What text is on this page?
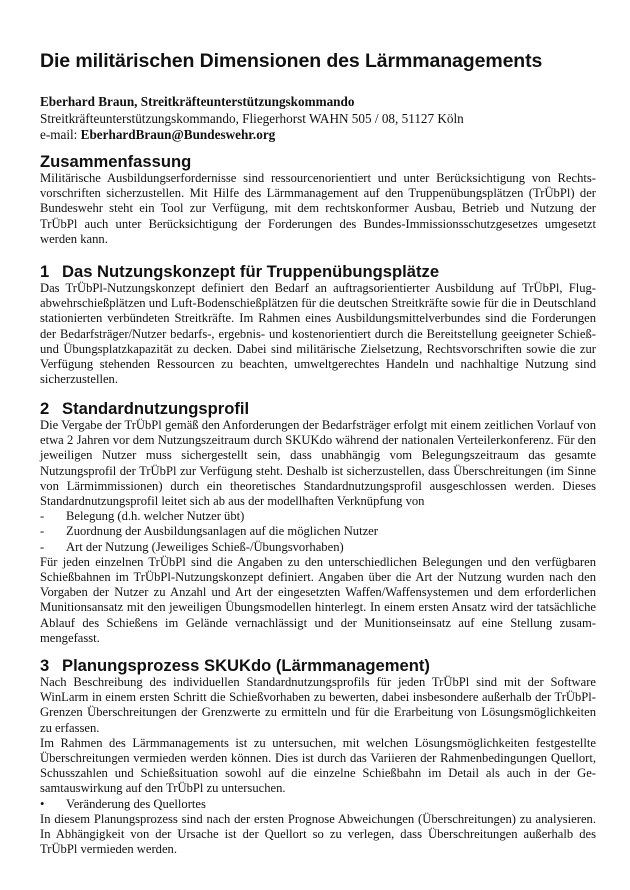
Die militärischen Dimensionen des Lärmmanagements
Eberhard Braun, Streitkräfteunterstützungskommando
Streitkräfteunterstützungskommando, Fliegerhorst WAHN 505 / 08, 51127 Köln
e-mail: EberhardBraun@Bundeswehr.org
Zusammenfassung

Militärische Ausbildungserfordernisse sind ressourcenorientiert und unter Berücksichtigung von Rechtsvorschriften sicherzustellen. Mit Hilfe des Lärmmanagement auf den Truppenübungsplätzen (TrÜbPl) der Bundeswehr steht ein Tool zur Verfügung, mit dem rechtskonformer Ausbau, Betrieb und Nutzung der TrÜbPl auch unter Berücksichtigung der Forderungen des Bundes-Immissionsschutzgesetzes umgesetzt werden kann.

1 Das Nutzungskonzept für Truppenübungsplätze

Das TrÜbPl-Nutzungskonzept definiert den Bedarf an auftragsorientierter Ausbildung auf TrÜbPl, Flugabwehrschießplätzen und Luft-Bodenschießplätzen für die deutschen Streitkräfte sowie für die in Deutschland stationierten verbündeten Streitkräfte. Im Rahmen eines Ausbildungsmittelverbundes sind die Forderungen der Bedarfsträger/Nutzer bedarfs-, ergebnis- und kostenorientiert durch die Bereitstellung geeigneter Schieß- und Übungsplatzkapazität zu decken. Dabei sind militärische Zielsetzung, Rechtsvorschriften sowie die zur Verfügung stehenden Ressourcen zu beachten, umweltgerechtes Handeln und nachhaltige Nutzung sind sicherzustellen.

2 Standardnutzungsprofil

Die Vergabe der TrÜbPl gemäß den Anforderungen der Bedarfsträger erfolgt mit einem zeitlichen Vorlauf von etwa 2 Jahren vor dem Nutzungszeitraum durch SKUKdo während der nationalen Verteilerkonferenz. Für den jeweiligen Nutzer muss sichergestellt sein, dass unabhängig vom Belegungszeitraum das gesamte Nutzungsprofil der TrÜbPl zur Verfügung steht. Deshalb ist sicherzustellen, dass Überschreitungen (im Sinne von Lärmimmissionen) durch ein theoretisches Standardnutzungsprofil ausgeschlossen werden. Dieses Standardnutzungsprofil leitet sich ab aus der modellhaften Verknüpfung von

-	Belegung (d.h. welcher Nutzer übt)
-	Zuordnung der Ausbildungsanlagen auf die möglichen Nutzer
-	Art der Nutzung (Jeweiliges Schieß-/Übungsvorhaben)

Für jeden einzelnen TrÜbPl sind die Angaben zu den unterschiedlichen Belegungen und den verfügbaren Schießbahnen im TrÜbPl-Nutzungskonzept definiert. Angaben über die Art der Nutzung wurden nach den Vorgaben der Nutzer zu Anzahl und Art der eingesetzten Waffen/Waffensystemen und dem erforderlichen Munitionsansatz mit den jeweiligen Übungsmodellen hinterlegt. In einem ersten Ansatz wird der tatsächliche Ablauf des Schießens im Gelände vernachlässigt und der Munitionseinsatz auf eine Stellung zusammengefasst.

3 Planungsprozess SKUKdo (Lärmmanagement)

Nach Beschreibung des individuellen Standardnutzungsprofils für jeden TrÜbPl sind mit der Software WinLarm in einem ersten Schritt die Schießvorhaben zu bewerten, dabei insbesondere außerhalb der TrÜbPl-Grenzen Überschreitungen der Grenzwerte zu ermitteln und für die Erarbeitung von Lösungsmöglichkeiten zu erfassen.

Im Rahmen des Lärmmanagements ist zu untersuchen, mit welchen Lösungsmöglichkeiten festgestellte Überschreitungen vermieden werden können. Dies ist durch das Variieren der Rahmenbedingungen Quellort, Schusszahlen und Schießsituation sowohl auf die einzelne Schießbahn im Detail als auch in der Gesamtauswirkung auf den TrÜbPl zu untersuchen.

•	Veränderung des Quellortes

In diesem Planungsprozess sind nach der ersten Prognose Abweichungen (Überschreitungen) zu analysieren. In Abhängigkeit von der Ursache ist der Quellort so zu verlegen, dass Überschreitungen außerhalb des TrÜbPl vermieden werden.
